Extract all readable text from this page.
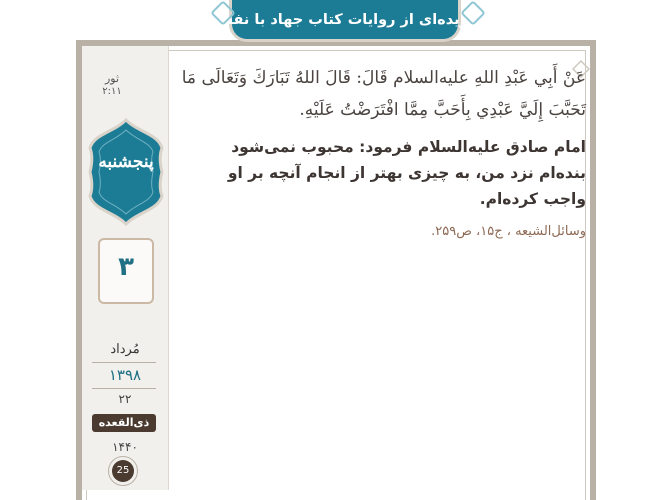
گزیده‌ای از روایات کتاب جهاد با نفس
ثور
۲:۱۱
پنجشنبه
۳
مُرداد
۱۳۹۸
۲۲
ذی‌القعده
۱۴۴۰
25

عَنْ أَبِي عَبْدِ اللهِ عليه‌السلام قَالَ: قَالَ اللهُ تَبَارَكَ وَتَعَالَى مَا تَحَبَّبَ إِلَيَّ عَبْدِي بِأَحَبَّ مِمَّا افْتَرَضْتُ عَلَيْهِ.

امام صادق عليه‌السلام فرمود: محبوب نمی‌شود بنده‌ام نزد من، به چیزی بهتر از انجام آنچه بر او واجب کرده‌ام.

وسائل‌الشیعه ، ج۱۵، ص۲۵۹.
